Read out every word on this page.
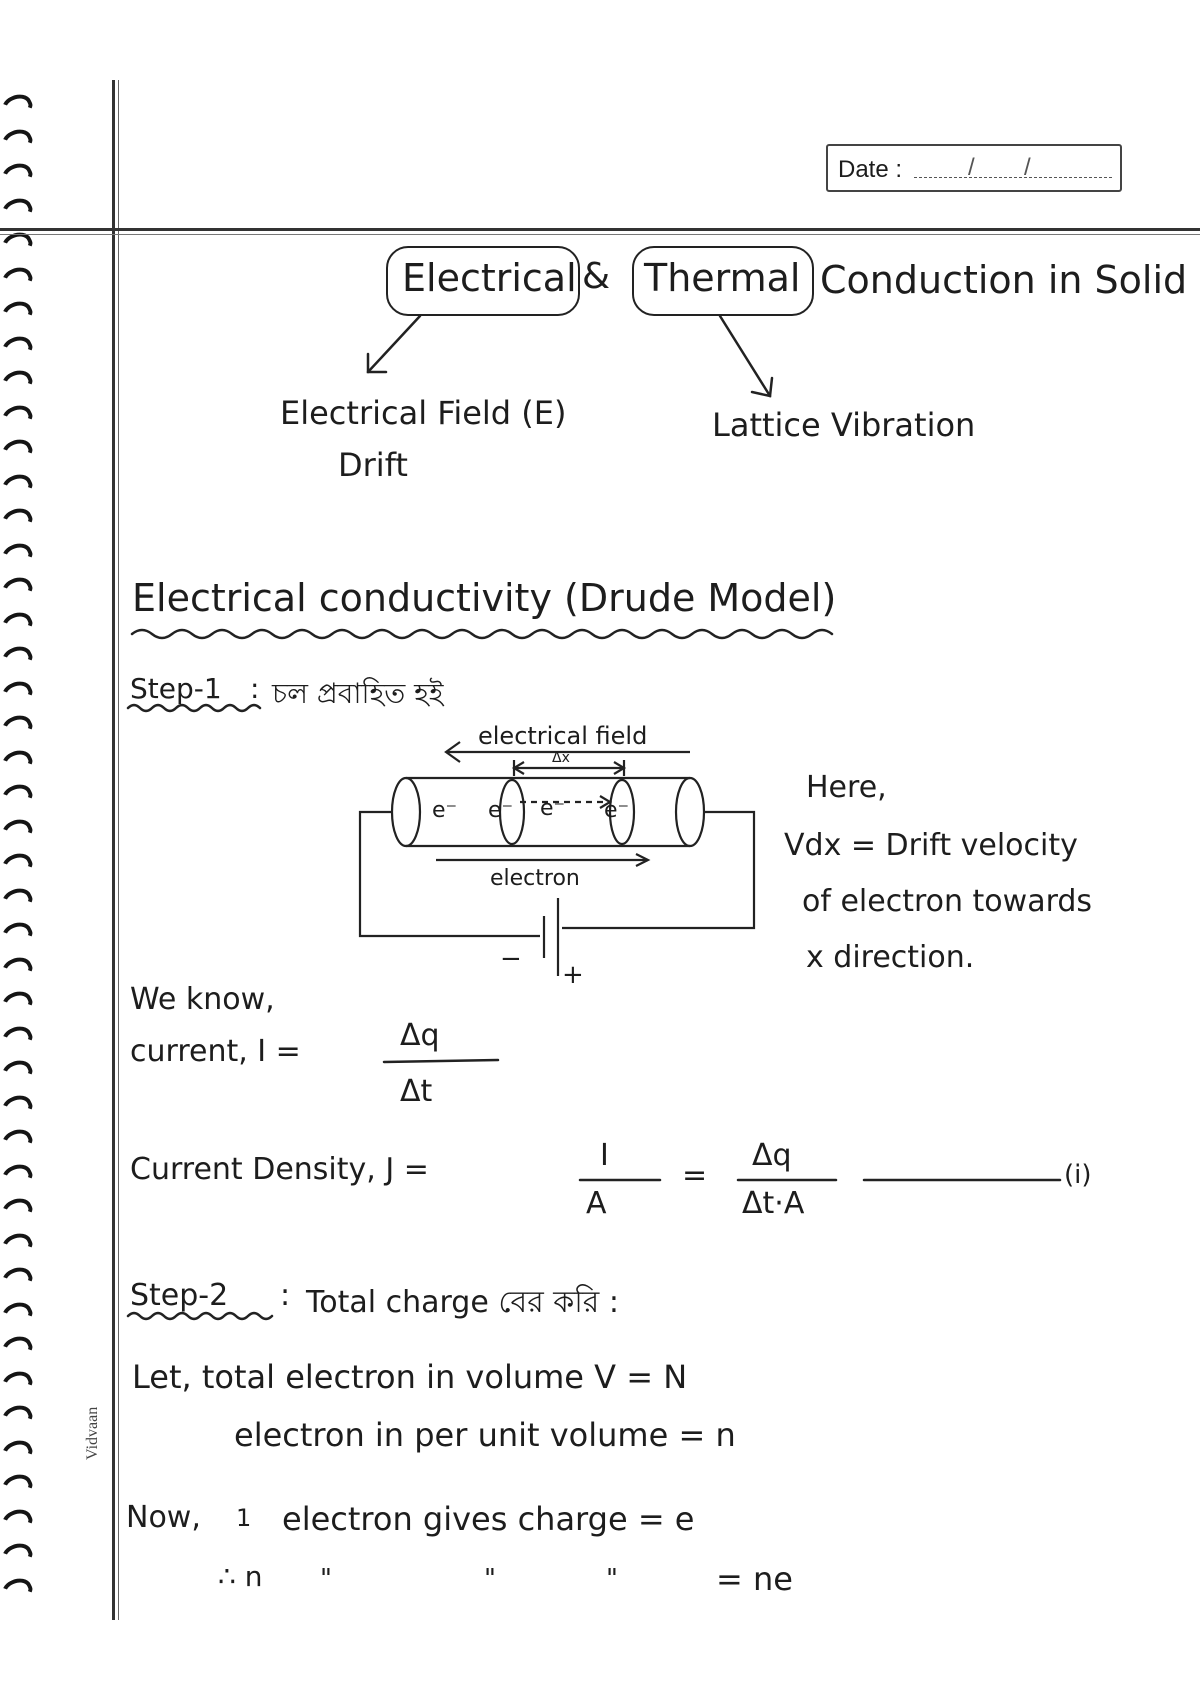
Date :	/ /
Electrical & Thermal Conduction in Solid
Electrical Field (E)
Drift
Lattice Vibration
Electrical conductivity (Drude Model)
Step-1 : চল প্রবাহিত হই
electrical field
Δx
e⁻ e⁻ e⁻ e⁻
electron
−
+
Here,
Vdx = Drift velocity
of electron towards
x direction.
We know,
current, I =	Δq
Δt
Current Density, J =	I
A
=
Δq
Δt·A
(i)
Step-2 : Total charge বের করি :
Let, total electron in volume V = N
electron in per unit volume = n
Now, 1 electron gives charge = e
∴ n "	"	"	= ne
Vidvaan
